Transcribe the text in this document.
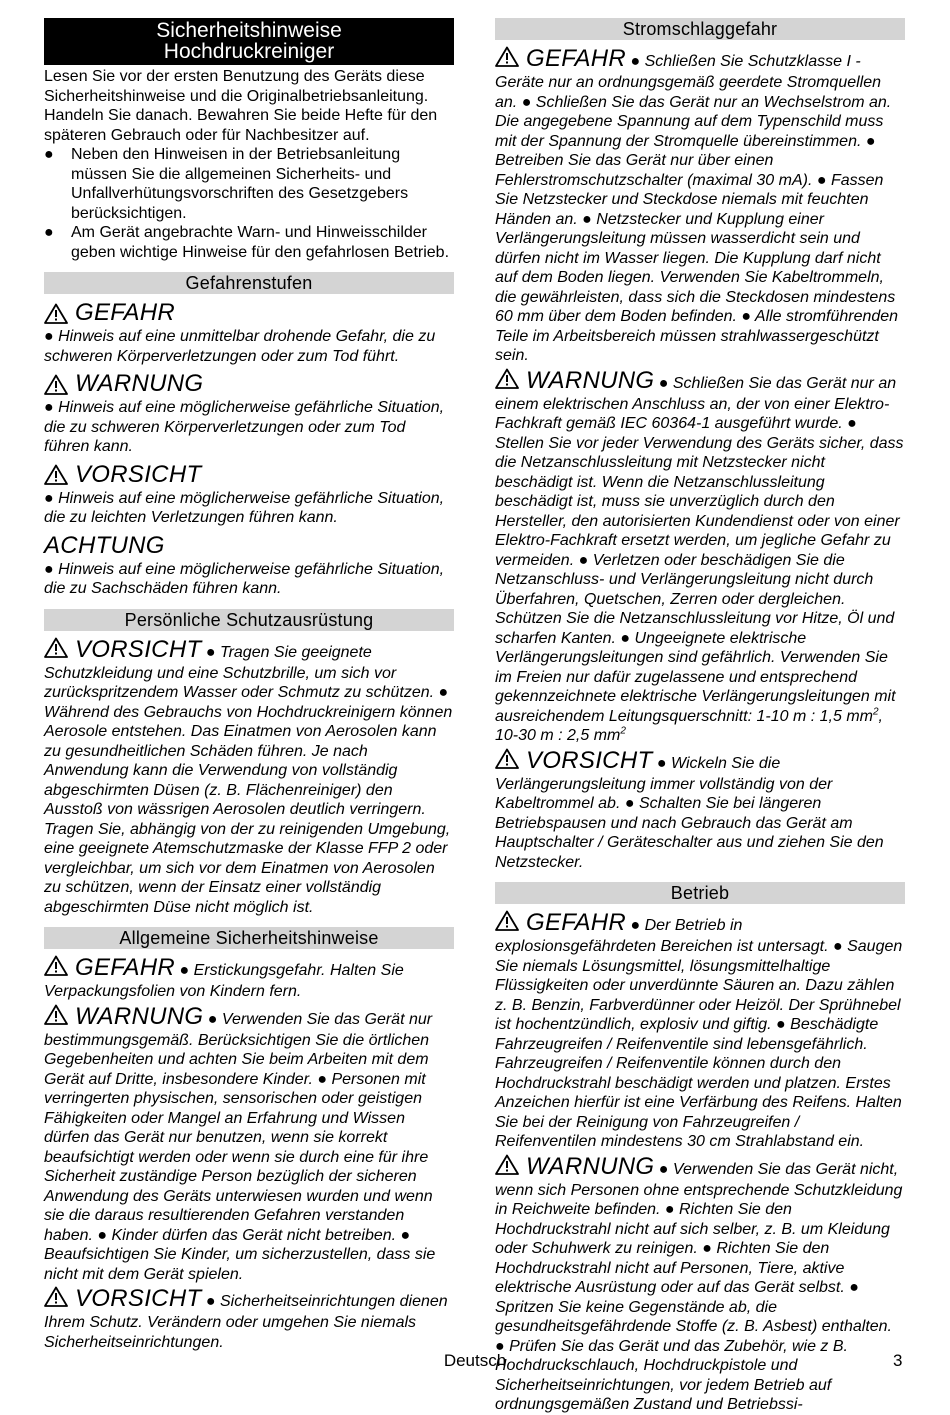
Sicherheitshinweise
Hochdruckreiniger

Lesen Sie vor der ersten Benutzung des Geräts diese Sicherheitshinweise und die Originalbetriebsanleitung. Handeln Sie danach. Bewahren Sie beide Hefte für den späteren Gebrauch oder für Nachbesitzer auf.

●	Neben den Hinweisen in der Betriebsanleitung müssen Sie die allgemeinen Sicherheits- und Unfallverhütungsvorschriften des Gesetzgebers berücksichtigen.
●	Am Gerät angebrachte Warn- und Hinweisschilder geben wichtige Hinweise für den gefahrlosen Betrieb.
Gefahrenstufen
GEFAHR

● Hinweis auf eine unmittelbar drohende Gefahr, die zu schweren Körperverletzungen oder zum Tod führt.

WARNUNG

● Hinweis auf eine möglicherweise gefährliche Situation, die zu schweren Körperverletzungen oder zum Tod führen kann.

VORSICHT

● Hinweis auf eine möglicherweise gefährliche Situation, die zu leichten Verletzungen führen kann.

ACHTUNG

● Hinweis auf eine möglicherweise gefährliche Situation, die zu Sachschäden führen kann.

Persönliche Schutzausrüstung

VORSICHT ● Tragen Sie geeignete Schutzkleidung und eine Schutzbrille, um sich vor zurückspritzendem Wasser oder Schmutz zu schützen. ● Während des Gebrauchs von Hochdruckreinigern können Aerosole entstehen. Das Einatmen von Aerosolen kann zu gesundheitlichen Schäden führen. Je nach Anwendung kann die Verwendung von vollständig abgeschirmten Düsen (z. B. Flächenreiniger) den Ausstoß von wässrigen Aerosolen deutlich verringern. Tragen Sie, abhängig von der zu reinigenden Umgebung, eine geeignete Atemschutzmaske der Klasse FFP 2 oder vergleichbar, um sich vor dem Einatmen von Aerosolen zu schützen, wenn der Einsatz einer vollständig abgeschirmten Düse nicht möglich ist.

Allgemeine Sicherheitshinweise

GEFAHR ● Erstickungsgefahr. Halten Sie Verpackungsfolien von Kindern fern.

WARNUNG ● Verwenden Sie das Gerät nur bestimmungsgemäß. Berücksichtigen Sie die örtlichen Gegebenheiten und achten Sie beim Arbeiten mit dem Gerät auf Dritte, insbesondere Kinder. ● Personen mit verringerten physischen, sensorischen oder geistigen Fähigkeiten oder Mangel an Erfahrung und Wissen dürfen das Gerät nur benutzen, wenn sie korrekt beaufsichtigt werden oder wenn sie durch eine für ihre Sicherheit zuständige Person bezüglich der sicheren Anwendung des Geräts unterwiesen wurden und wenn sie die daraus resultierenden Gefahren verstanden haben. ● Kinder dürfen das Gerät nicht betreiben. ● Beaufsichtigen Sie Kinder, um sicherzustellen, dass sie nicht mit dem Gerät spielen.

VORSICHT ● Sicherheitseinrichtungen dienen Ihrem Schutz. Verändern oder umgehen Sie niemals Sicherheitseinrichtungen.

Stromschlaggefahr

GEFAHR ● Schließen Sie Schutzklasse I - Geräte nur an ordnungsgemäß geerdete Stromquellen an. ● Schließen Sie das Gerät nur an Wechselstrom an. Die angegebene Spannung auf dem Typenschild muss mit der Spannung der Stromquelle übereinstimmen. ● Betreiben Sie das Gerät nur über einen Fehlerstromschutzschalter (maximal 30 mA). ● Fassen Sie Netzstecker und Steckdose niemals mit feuchten Händen an. ● Netzstecker und Kupplung einer Verlängerungsleitung müssen wasserdicht sein und dürfen nicht im Wasser liegen. Die Kupplung darf nicht auf dem Boden liegen. Verwenden Sie Kabeltrommeln, die gewährleisten, dass sich die Steckdosen mindestens 60 mm über dem Boden befinden. ● Alle stromführenden Teile im Arbeitsbereich müssen strahlwassergeschützt sein.

WARNUNG ● Schließen Sie das Gerät nur an einem elektrischen Anschluss an, der von einer Elektro-Fachkraft gemäß IEC 60364-1 ausgeführt wurde. ● Stellen Sie vor jeder Verwendung des Geräts sicher, dass die Netzanschlussleitung mit Netzstecker nicht beschädigt ist. Wenn die Netzanschlussleitung beschädigt ist, muss sie unverzüglich durch den Hersteller, den autorisierten Kundendienst oder von einer Elektro-Fachkraft ersetzt werden, um jegliche Gefahr zu vermeiden. ● Verletzen oder beschädigen Sie die Netzanschluss- und Verlängerungsleitung nicht durch Überfahren, Quetschen, Zerren oder dergleichen. Schützen Sie die Netzanschlussleitung vor Hitze, Öl und scharfen Kanten. ● Ungeeignete elektrische Verlängerungsleitungen sind gefährlich. Verwenden Sie im Freien nur dafür zugelassene und entsprechend gekennzeichnete elektrische Verlängerungsleitungen mit ausreichendem Leitungsquerschnitt: 1-10 m : 1,5 $mm^2$,
10-30 m : 2,5 $mm^2$

VORSICHT ● Wickeln Sie die Verlängerungsleitung immer vollständig von der Kabeltrommel ab. ● Schalten Sie bei längeren Betriebspausen und nach Gebrauch das Gerät am Hauptschalter / Geräteschalter aus und ziehen Sie den Netzstecker.

Betrieb

GEFAHR ● Der Betrieb in explosionsgefährdeten Bereichen ist untersagt. ● Saugen Sie niemals Lösungsmittel, lösungsmittelhaltige Flüssigkeiten oder unverdünnte Säuren an. Dazu zählen z. B. Benzin, Farbverdünner oder Heizöl. Der Sprühnebel ist hochentzündlich, explosiv und giftig. ● Beschädigte Fahrzeugreifen / Reifenventile sind lebensgefährlich. Fahrzeugreifen / Reifenventile können durch den Hochdruckstrahl beschädigt werden und platzen. Erstes Anzeichen hierfür ist eine Verfärbung des Reifens. Halten Sie bei der Reinigung von Fahrzeugreifen / Reifenventilen mindestens 30 cm Strahlabstand ein.

WARNUNG ● Verwenden Sie das Gerät nicht, wenn sich Personen ohne entsprechende Schutzkleidung in Reichweite befinden. ● Richten Sie den Hochdruckstrahl nicht auf sich selber, z. B. um Kleidung oder Schuhwerk zu reinigen. ● Richten Sie den Hochdruckstrahl nicht auf Personen, Tiere, aktive elektrische Ausrüstung oder auf das Gerät selbst. ● Spritzen Sie keine Gegenstände ab, die gesundheitsgefährdende Stoffe (z. B. Asbest) enthalten. ● Prüfen Sie das Gerät und das Zubehör, wie z B. Hochdruckschlauch, Hochdruckpistole und Sicherheitseinrichtungen, vor jedem Betrieb auf ordnungsgemäßen Zustand und Betriebssi-

Deutsch	3
